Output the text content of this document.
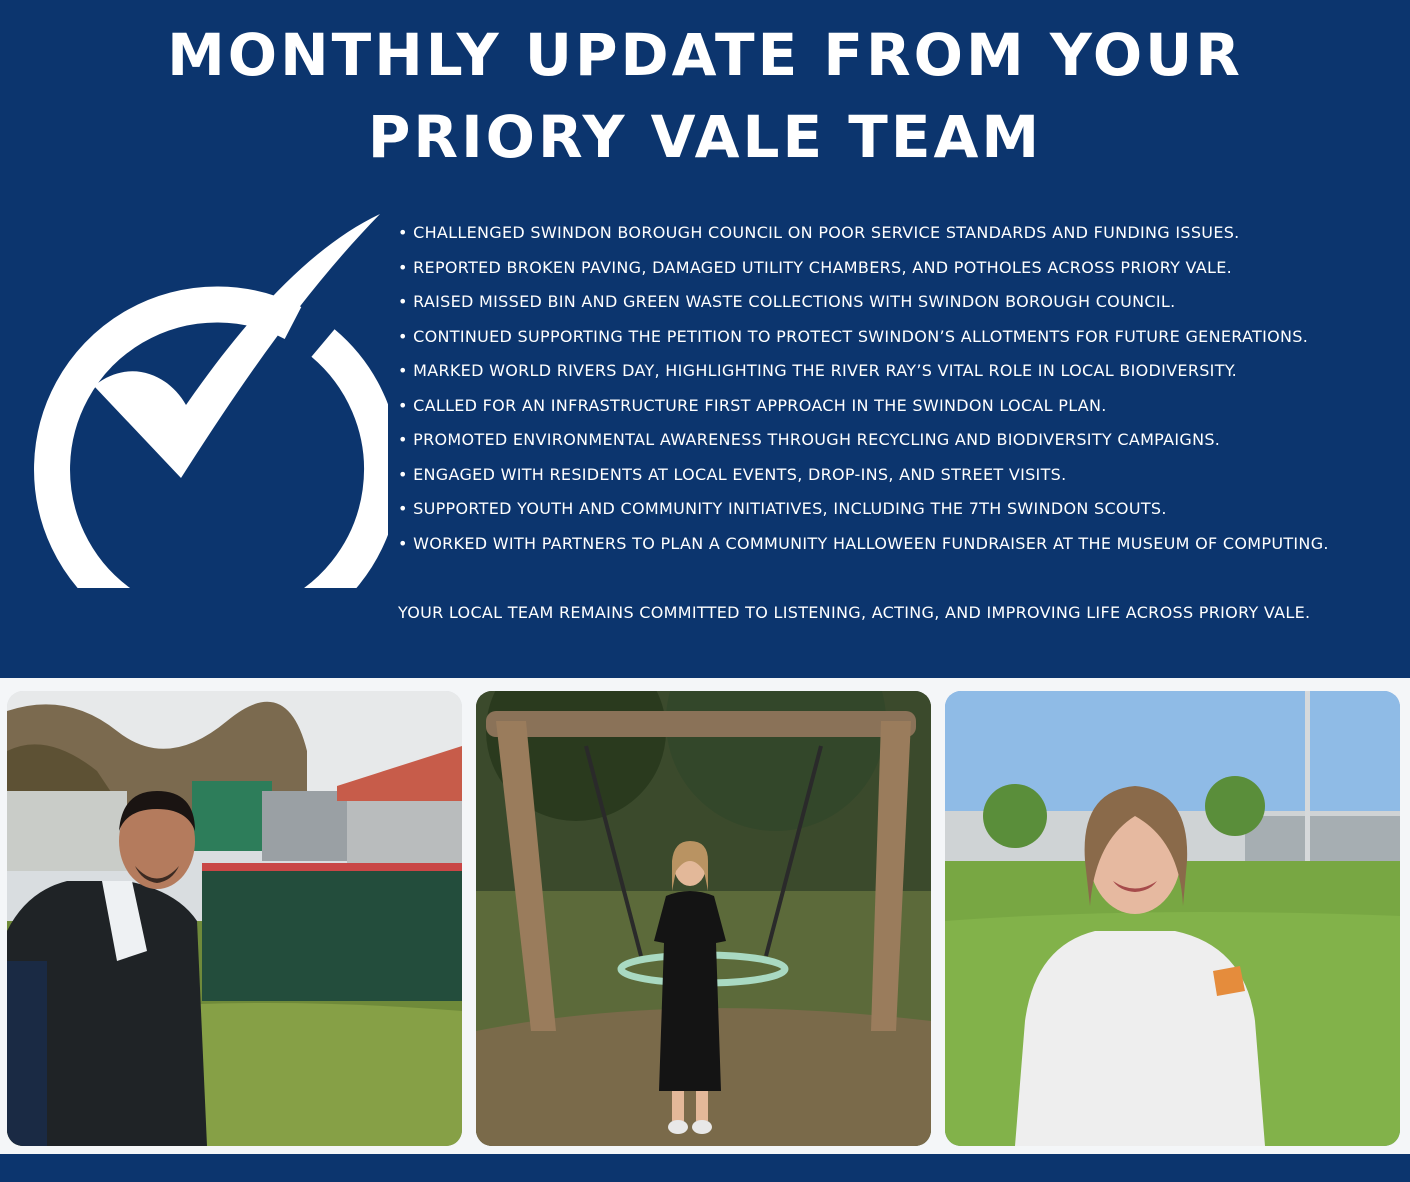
MONTHLY UPDATE FROM YOUR
PRIORY VALE TEAM
• CHALLENGED SWINDON BOROUGH COUNCIL ON POOR SERVICE STANDARDS AND FUNDING ISSUES.
• REPORTED BROKEN PAVING, DAMAGED UTILITY CHAMBERS, AND POTHOLES ACROSS PRIORY VALE.
• RAISED MISSED BIN AND GREEN WASTE COLLECTIONS WITH SWINDON BOROUGH COUNCIL.
• CONTINUED SUPPORTING THE PETITION TO PROTECT SWINDON’S ALLOTMENTS FOR FUTURE GENERATIONS.
• MARKED WORLD RIVERS DAY, HIGHLIGHTING THE RIVER RAY’S VITAL ROLE IN LOCAL BIODIVERSITY.
• CALLED FOR AN INFRASTRUCTURE FIRST APPROACH IN THE SWINDON LOCAL PLAN.
• PROMOTED ENVIRONMENTAL AWARENESS THROUGH RECYCLING AND BIODIVERSITY CAMPAIGNS.
• ENGAGED WITH RESIDENTS AT LOCAL EVENTS, DROP-INS, AND STREET VISITS.
• SUPPORTED YOUTH AND COMMUNITY INITIATIVES, INCLUDING THE 7TH SWINDON SCOUTS.
• WORKED WITH PARTNERS TO PLAN A COMMUNITY HALLOWEEN FUNDRAISER AT THE MUSEUM OF COMPUTING.
YOUR LOCAL TEAM REMAINS COMMITTED TO LISTENING, ACTING, AND IMPROVING LIFE ACROSS PRIORY VALE.
